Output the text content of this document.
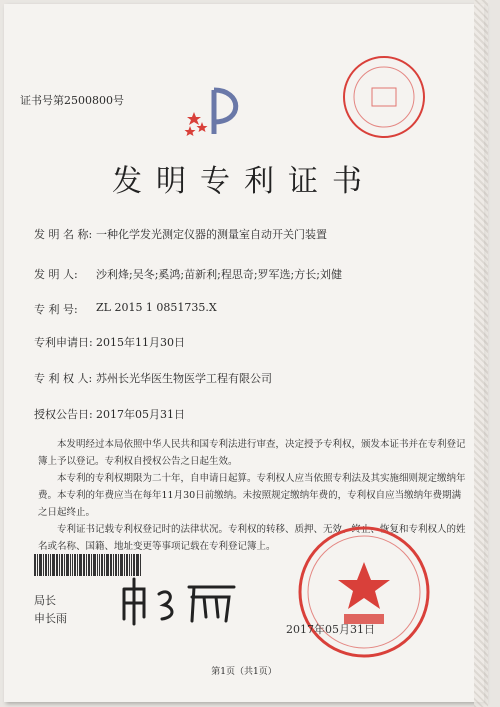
证书号第2500800号
发明专利证书
发 明 名 称: 一种化学发光测定仪器的测量室自动开关门装置
发 明 人: 沙利烽;吴冬;奚鸿;苗新利;程思奇;罗军选;方长;刘健
专 利 号: ZL 2015 1 0851735.X
专利申请日: 2015年11月30日
专 利 权 人: 苏州长光华医生物医学工程有限公司
授权公告日: 2017年05月31日

本发明经过本局依照中华人民共和国专利法进行审查，决定授予专利权，颁发本证书并在专利登记簿上予以登记。专利权自授权公告之日起生效。

本专利的专利权期限为二十年，自申请日起算。专利权人应当依照专利法及其实施细则规定缴纳年费。本专利的年费应当在每年11月30日前缴纳。未按照规定缴纳年费的，专利权自应当缴纳年费期满之日起终止。

专利证书记载专利权登记时的法律状况。专利权的转移、质押、无效、终止、恢复和专利权人的姓名或名称、国籍、地址变更等事项记载在专利登记簿上。

局长
申长雨
2017年05月31日
第1页（共1页）
